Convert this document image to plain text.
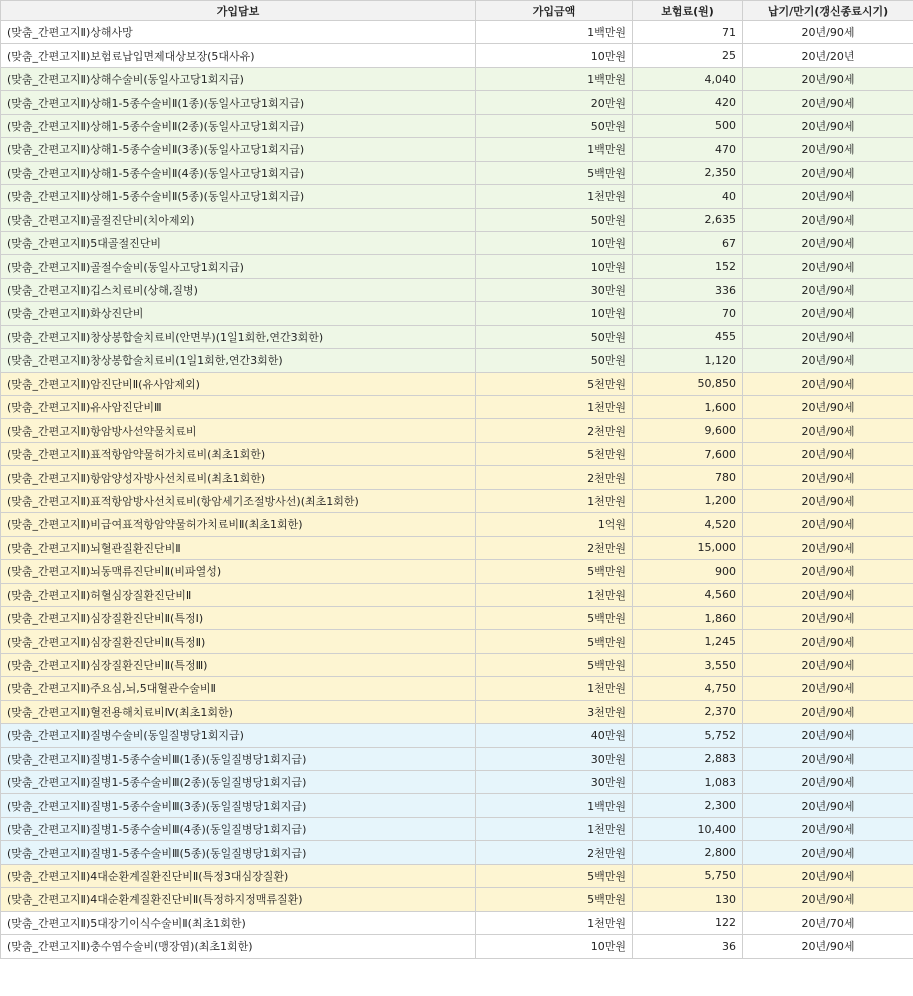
가입담보	가입금액	보험료(원)	납기/만기(갱신종료시기)
(맞춤_간편고지Ⅱ)상해사망	1백만원	71	20년/90세
(맞춤_간편고지Ⅱ)보험료납입면제대상보장(5대사유)	10만원	25	20년/20년
(맞춤_간편고지Ⅱ)상해수술비(동일사고당1회지급)	1백만원	4,040	20년/90세
(맞춤_간편고지Ⅱ)상해1-5종수술비Ⅱ(1종)(동일사고당1회지급)	20만원	420	20년/90세
(맞춤_간편고지Ⅱ)상해1-5종수술비Ⅱ(2종)(동일사고당1회지급)	50만원	500	20년/90세
(맞춤_간편고지Ⅱ)상해1-5종수술비Ⅱ(3종)(동일사고당1회지급)	1백만원	470	20년/90세
(맞춤_간편고지Ⅱ)상해1-5종수술비Ⅱ(4종)(동일사고당1회지급)	5백만원	2,350	20년/90세
(맞춤_간편고지Ⅱ)상해1-5종수술비Ⅱ(5종)(동일사고당1회지급)	1천만원	40	20년/90세
(맞춤_간편고지Ⅱ)골절진단비(치아제외)	50만원	2,635	20년/90세
(맞춤_간편고지Ⅱ)5대골절진단비	10만원	67	20년/90세
(맞춤_간편고지Ⅱ)골절수술비(동일사고당1회지급)	10만원	152	20년/90세
(맞춤_간편고지Ⅱ)깁스치료비(상해,질병)	30만원	336	20년/90세
(맞춤_간편고지Ⅱ)화상진단비	10만원	70	20년/90세
(맞춤_간편고지Ⅱ)창상봉합술치료비(안면부)(1일1회한,연간3회한)	50만원	455	20년/90세
(맞춤_간편고지Ⅱ)창상봉합술치료비(1일1회한,연간3회한)	50만원	1,120	20년/90세
(맞춤_간편고지Ⅱ)암진단비Ⅱ(유사암제외)	5천만원	50,850	20년/90세
(맞춤_간편고지Ⅱ)유사암진단비Ⅲ	1천만원	1,600	20년/90세
(맞춤_간편고지Ⅱ)항암방사선약물치료비	2천만원	9,600	20년/90세
(맞춤_간편고지Ⅱ)표적항암약물허가치료비(최초1회한)	5천만원	7,600	20년/90세
(맞춤_간편고지Ⅱ)항암양성자방사선치료비(최초1회한)	2천만원	780	20년/90세
(맞춤_간편고지Ⅱ)표적항암방사선치료비(항암세기조절방사선)(최초1회한)	1천만원	1,200	20년/90세
(맞춤_간편고지Ⅱ)비급여표적항암약물허가치료비Ⅱ(최초1회한)	1억원	4,520	20년/90세
(맞춤_간편고지Ⅱ)뇌혈관질환진단비Ⅱ	2천만원	15,000	20년/90세
(맞춤_간편고지Ⅱ)뇌동맥류진단비Ⅱ(비파열성)	5백만원	900	20년/90세
(맞춤_간편고지Ⅱ)허혈심장질환진단비Ⅱ	1천만원	4,560	20년/90세
(맞춤_간편고지Ⅱ)심장질환진단비Ⅱ(특정Ⅰ)	5백만원	1,860	20년/90세
(맞춤_간편고지Ⅱ)심장질환진단비Ⅱ(특정Ⅱ)	5백만원	1,245	20년/90세
(맞춤_간편고지Ⅱ)심장질환진단비Ⅱ(특정Ⅲ)	5백만원	3,550	20년/90세
(맞춤_간편고지Ⅱ)주요심,뇌,5대혈관수술비Ⅱ	1천만원	4,750	20년/90세
(맞춤_간편고지Ⅱ)혈전용해치료비Ⅳ(최초1회한)	3천만원	2,370	20년/90세
(맞춤_간편고지Ⅱ)질병수술비(동일질병당1회지급)	40만원	5,752	20년/90세
(맞춤_간편고지Ⅱ)질병1-5종수술비Ⅲ(1종)(동일질병당1회지급)	30만원	2,883	20년/90세
(맞춤_간편고지Ⅱ)질병1-5종수술비Ⅲ(2종)(동일질병당1회지급)	30만원	1,083	20년/90세
(맞춤_간편고지Ⅱ)질병1-5종수술비Ⅲ(3종)(동일질병당1회지급)	1백만원	2,300	20년/90세
(맞춤_간편고지Ⅱ)질병1-5종수술비Ⅲ(4종)(동일질병당1회지급)	1천만원	10,400	20년/90세
(맞춤_간편고지Ⅱ)질병1-5종수술비Ⅲ(5종)(동일질병당1회지급)	2천만원	2,800	20년/90세
(맞춤_간편고지Ⅱ)4대순환계질환진단비Ⅱ(특정3대심장질환)	5백만원	5,750	20년/90세
(맞춤_간편고지Ⅱ)4대순환계질환진단비Ⅱ(특정하지정맥류질환)	5백만원	130	20년/90세
(맞춤_간편고지Ⅱ)5대장기이식수술비Ⅱ(최초1회한)	1천만원	122	20년/70세
(맞춤_간편고지Ⅱ)충수염수술비(맹장염)(최초1회한)	10만원	36	20년/90세
